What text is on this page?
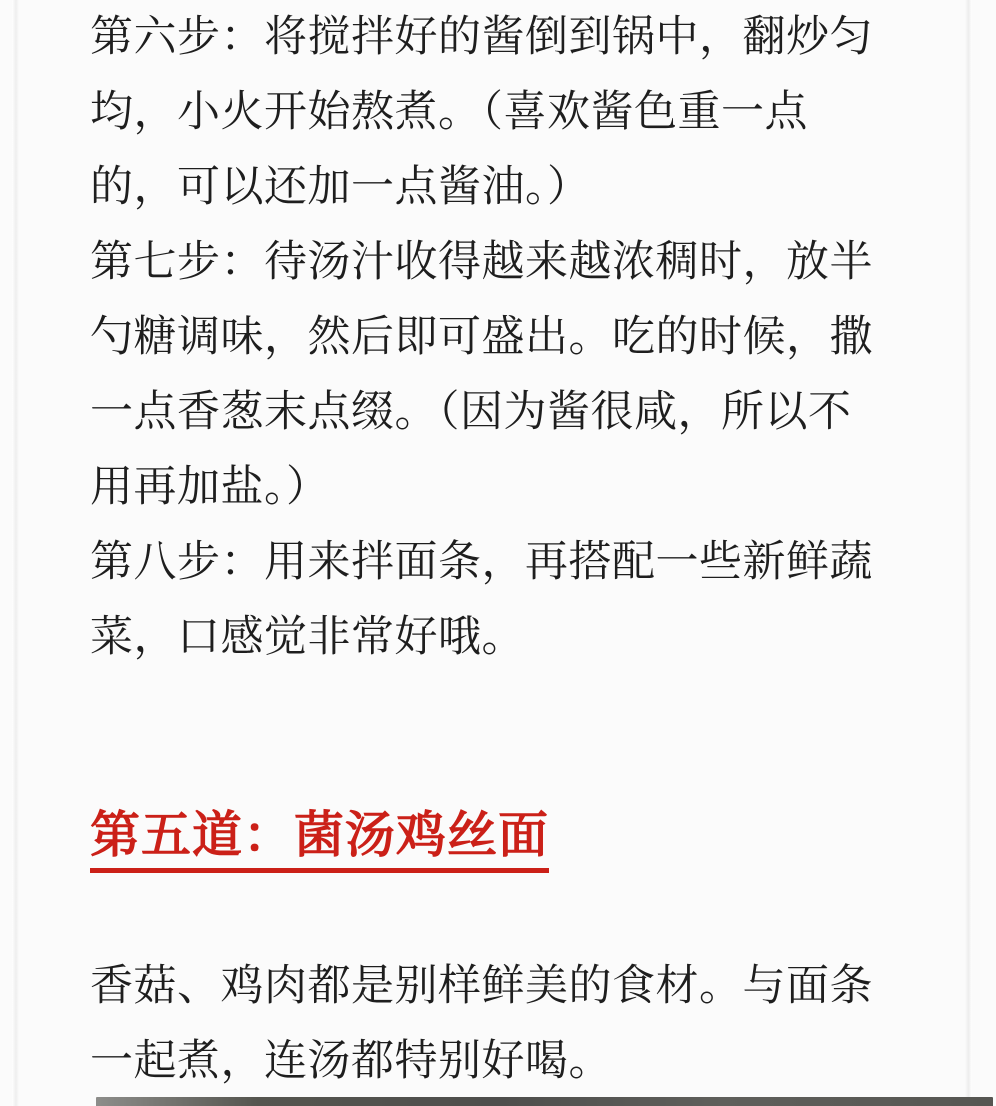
第六步：将搅拌好的酱倒到锅中，翻炒匀
均，小火开始熬煮。（喜欢酱色重一点
的，可以还加一点酱油。）
第七步：待汤汁收得越来越浓稠时，放半
勺糖调味，然后即可盛出。吃的时候，撒
一点香葱末点缀。（因为酱很咸，所以不
用再加盐。）
第八步：用来拌面条，再搭配一些新鲜蔬
菜，口感觉非常好哦。
第五道：菌汤鸡丝面
香菇、鸡肉都是别样鲜美的食材。与面条
一起煮，连汤都特别好喝。
